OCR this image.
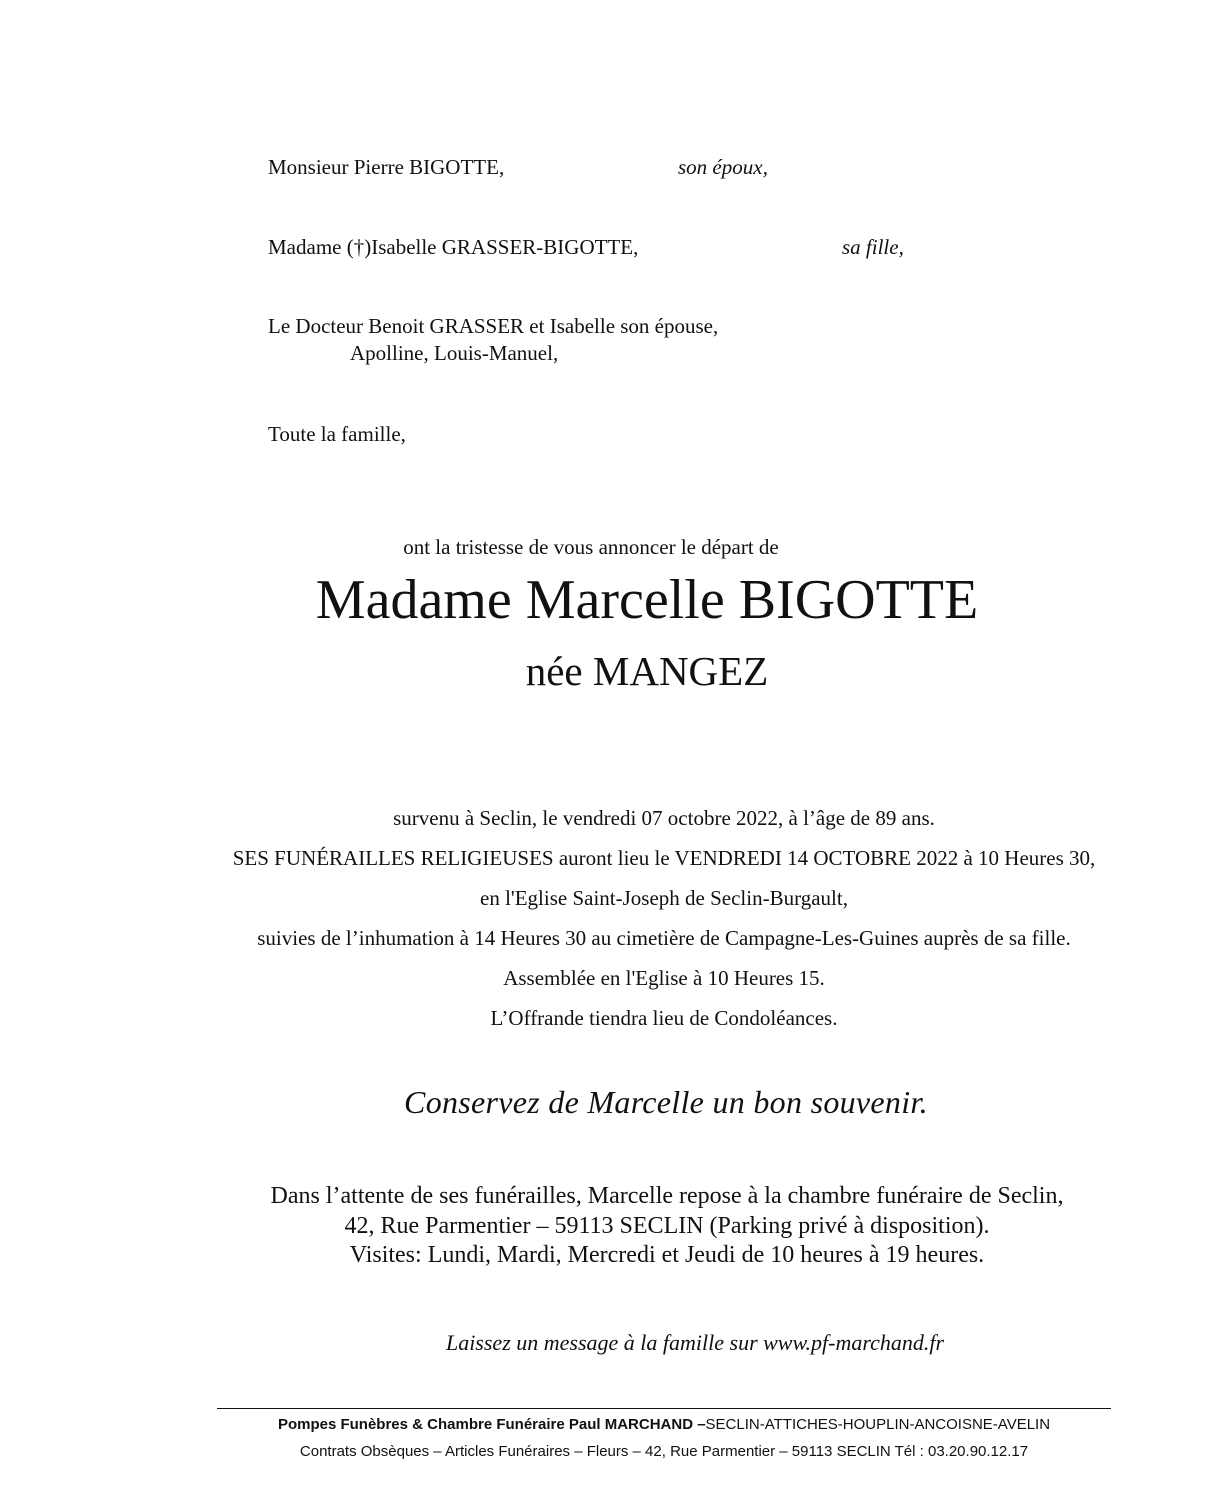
Monsieur Pierre BIGOTTE,	son époux,
Madame (†)Isabelle GRASSER-BIGOTTE,	sa fille,
Le Docteur Benoit GRASSER et Isabelle son épouse,
Apolline, Louis-Manuel,
Toute la famille,
ont la tristesse de vous annoncer le départ de
Madame Marcelle BIGOTTE
née MANGEZ
survenu à Seclin, le vendredi 07 octobre 2022, à l’âge de 89 ans.
SES FUNÉRAILLES RELIGIEUSES auront lieu le VENDREDI 14 OCTOBRE 2022 à 10 Heures 30,
en l'Eglise Saint-Joseph de Seclin-Burgault,
suivies de l’inhumation à 14 Heures 30 au cimetière de Campagne-Les-Guines auprès de sa fille.
Assemblée en l'Eglise à 10 Heures 15.
L’Offrande tiendra lieu de Condoléances.
Conservez de Marcelle un bon souvenir.
Dans l’attente de ses funérailles, Marcelle repose à la chambre funéraire de Seclin,
42, Rue Parmentier – 59113 SECLIN (Parking privé à disposition).
Visites: Lundi, Mardi, Mercredi et Jeudi de 10 heures à 19 heures.
Laissez un message à la famille sur www.pf-marchand.fr
Pompes Funèbres & Chambre Funéraire Paul MARCHAND –SECLIN-ATTICHES-HOUPLIN-ANCOISNE-AVELIN
Contrats Obsèques – Articles Funéraires – Fleurs – 42, Rue Parmentier – 59113 SECLIN Tél : 03.20.90.12.17
